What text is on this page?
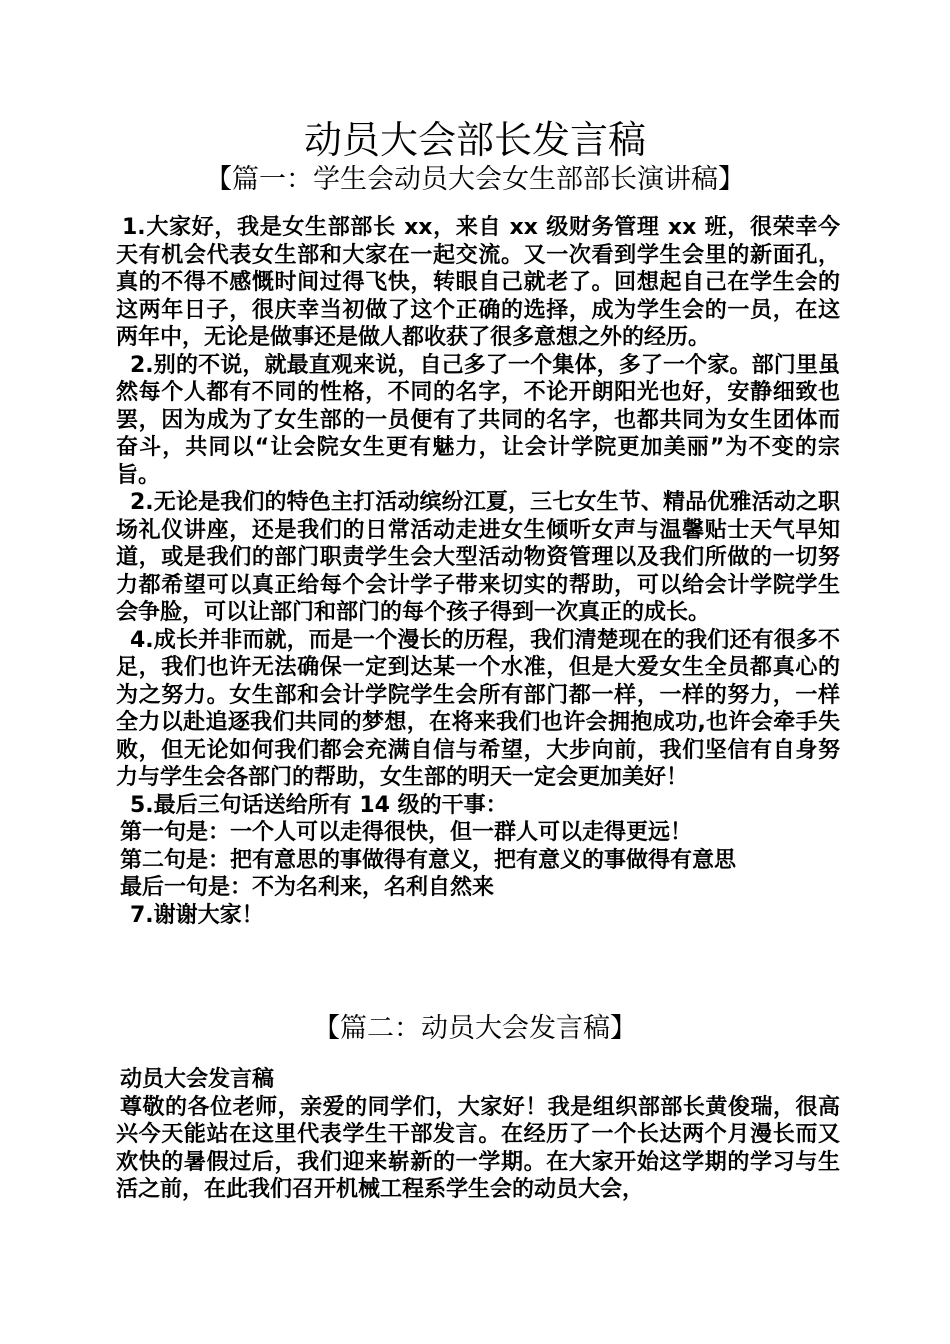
动员大会部长发言稿
【篇一：学生会动员大会女生部部长演讲稿】

1.大家好，我是女生部部长 xx，来自 xx 级财务管理 xx 班，很荣幸今天有机会代表女生部和大家在一起交流。又一次看到学生会里的新面孔，真的不得不感慨时间过得飞快，转眼自己就老了。回想起自己在学生会的这两年日子，很庆幸当初做了这个正确的选择，成为学生会的一员，在这两年中，无论是做事还是做人都收获了很多意想之外的经历。

2.别的不说，就最直观来说，自己多了一个集体，多了一个家。部门里虽然每个人都有不同的性格，不同的名字，不论开朗阳光也好，安静细致也罢，因为成为了女生部的一员便有了共同的名字，也都共同为女生团体而奋斗，共同以“让会院女生更有魅力，让会计学院更加美丽”为不变的宗旨。

2.无论是我们的特色主打活动缤纷江夏，三七女生节、精品优雅活动之职场礼仪讲座，还是我们的日常活动走进女生倾听女声与温馨贴士天气早知道，或是我们的部门职责学生会大型活动物资管理以及我们所做的一切努力都希望可以真正给每个会计学子带来切实的帮助，可以给会计学院学生会争脸，可以让部门和部门的每个孩子得到一次真正的成长。

4.成长并非而就，而是一个漫长的历程，我们清楚现在的我们还有很多不足，我们也许无法确保一定到达某一个水准，但是大爱女生全员都真心的为之努力。女生部和会计学院学生会所有部门都一样，一样的努力，一样全力以赴追逐我们共同的梦想，在将来我们也许会拥抱成功,也许会牵手失败，但无论如何我们都会充满自信与希望，大步向前，我们坚信有自身努力与学生会各部门的帮助，女生部的明天一定会更加美好！

5.最后三句话送给所有 14 级的干事：

第一句是：一个人可以走得很快，但一群人可以走得更远！

第二句是：把有意思的事做得有意义，把有意义的事做得有意思

最后一句是：不为名利来，名利自然来

7.谢谢大家！

【篇二：动员大会发言稿】

动员大会发言稿

尊敬的各位老师，亲爱的同学们，大家好！我是组织部部长黄俊瑞，很高兴今天能站在这里代表学生干部发言。在经历了一个长达两个月漫长而又欢快的暑假过后，我们迎来崭新的一学期。在大家开始这学期的学习与生活之前，在此我们召开机械工程系学生会的动员大会，
